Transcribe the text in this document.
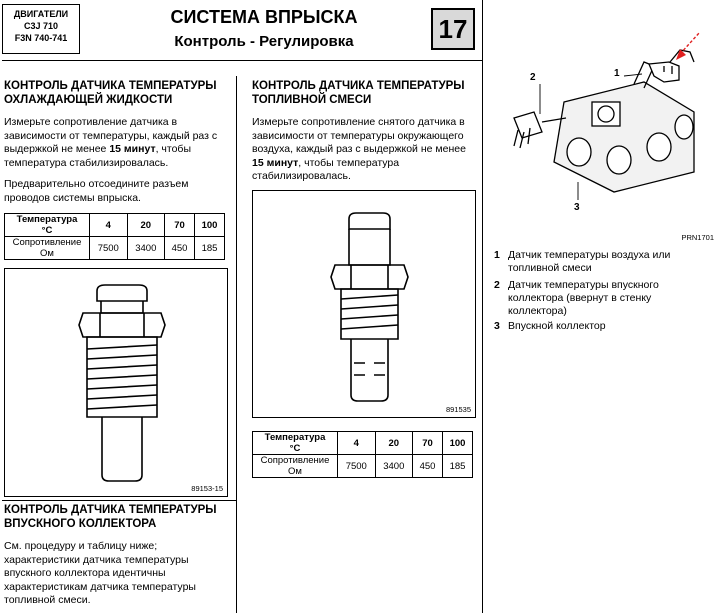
ДВИГАТЕЛИ
C3J 710
F3N 740-741
СИСТЕМА ВПРЫСКА
Контроль - Регулировка	17
КОНТРОЛЬ ДАТЧИКА ТЕМПЕРАТУРЫ
ОХЛАЖДАЮЩЕЙ ЖИДКОСТИ
Измерьте сопротивление датчика в
зависимости от температуры, каждый раз с
выдержкой не менее 15 минут, чтобы
температура стабилизировалась.
Предварительно отсоедините разъем
проводов системы впрыска.
Температура
°C	4	20	70	100

Сопротивление
Ом	7500	3400	450	185
89153-15
КОНТРОЛЬ ДАТЧИКА ТЕМПЕРАТУРЫ
ВПУСКНОГО КОЛЛЕКТОРА
См. процедуру и таблицу ниже;
характеристики датчика температуры
впускного коллектора идентичны
характеристикам датчика температуры
топливной смеси.
КОНТРОЛЬ ДАТЧИКА ТЕМПЕРАТУРЫ
ТОПЛИВНОЙ СМЕСИ
Измерьте сопротивление снятого датчика в
зависимости от температуры окружающего
воздуха, каждый раз с выдержкой не менее
15 минут, чтобы температура
стабилизировалась.
891535
Температура
°C	4	20	70	100

Сопротивление
Ом	7500	3400	450	185
1
2
3
PRN1701
1 Датчик температуры воздуха или
топливной смеси
2 Датчик температуры впускного
коллектора (ввернут в стенку
коллектора)
3 Впускной коллектор
